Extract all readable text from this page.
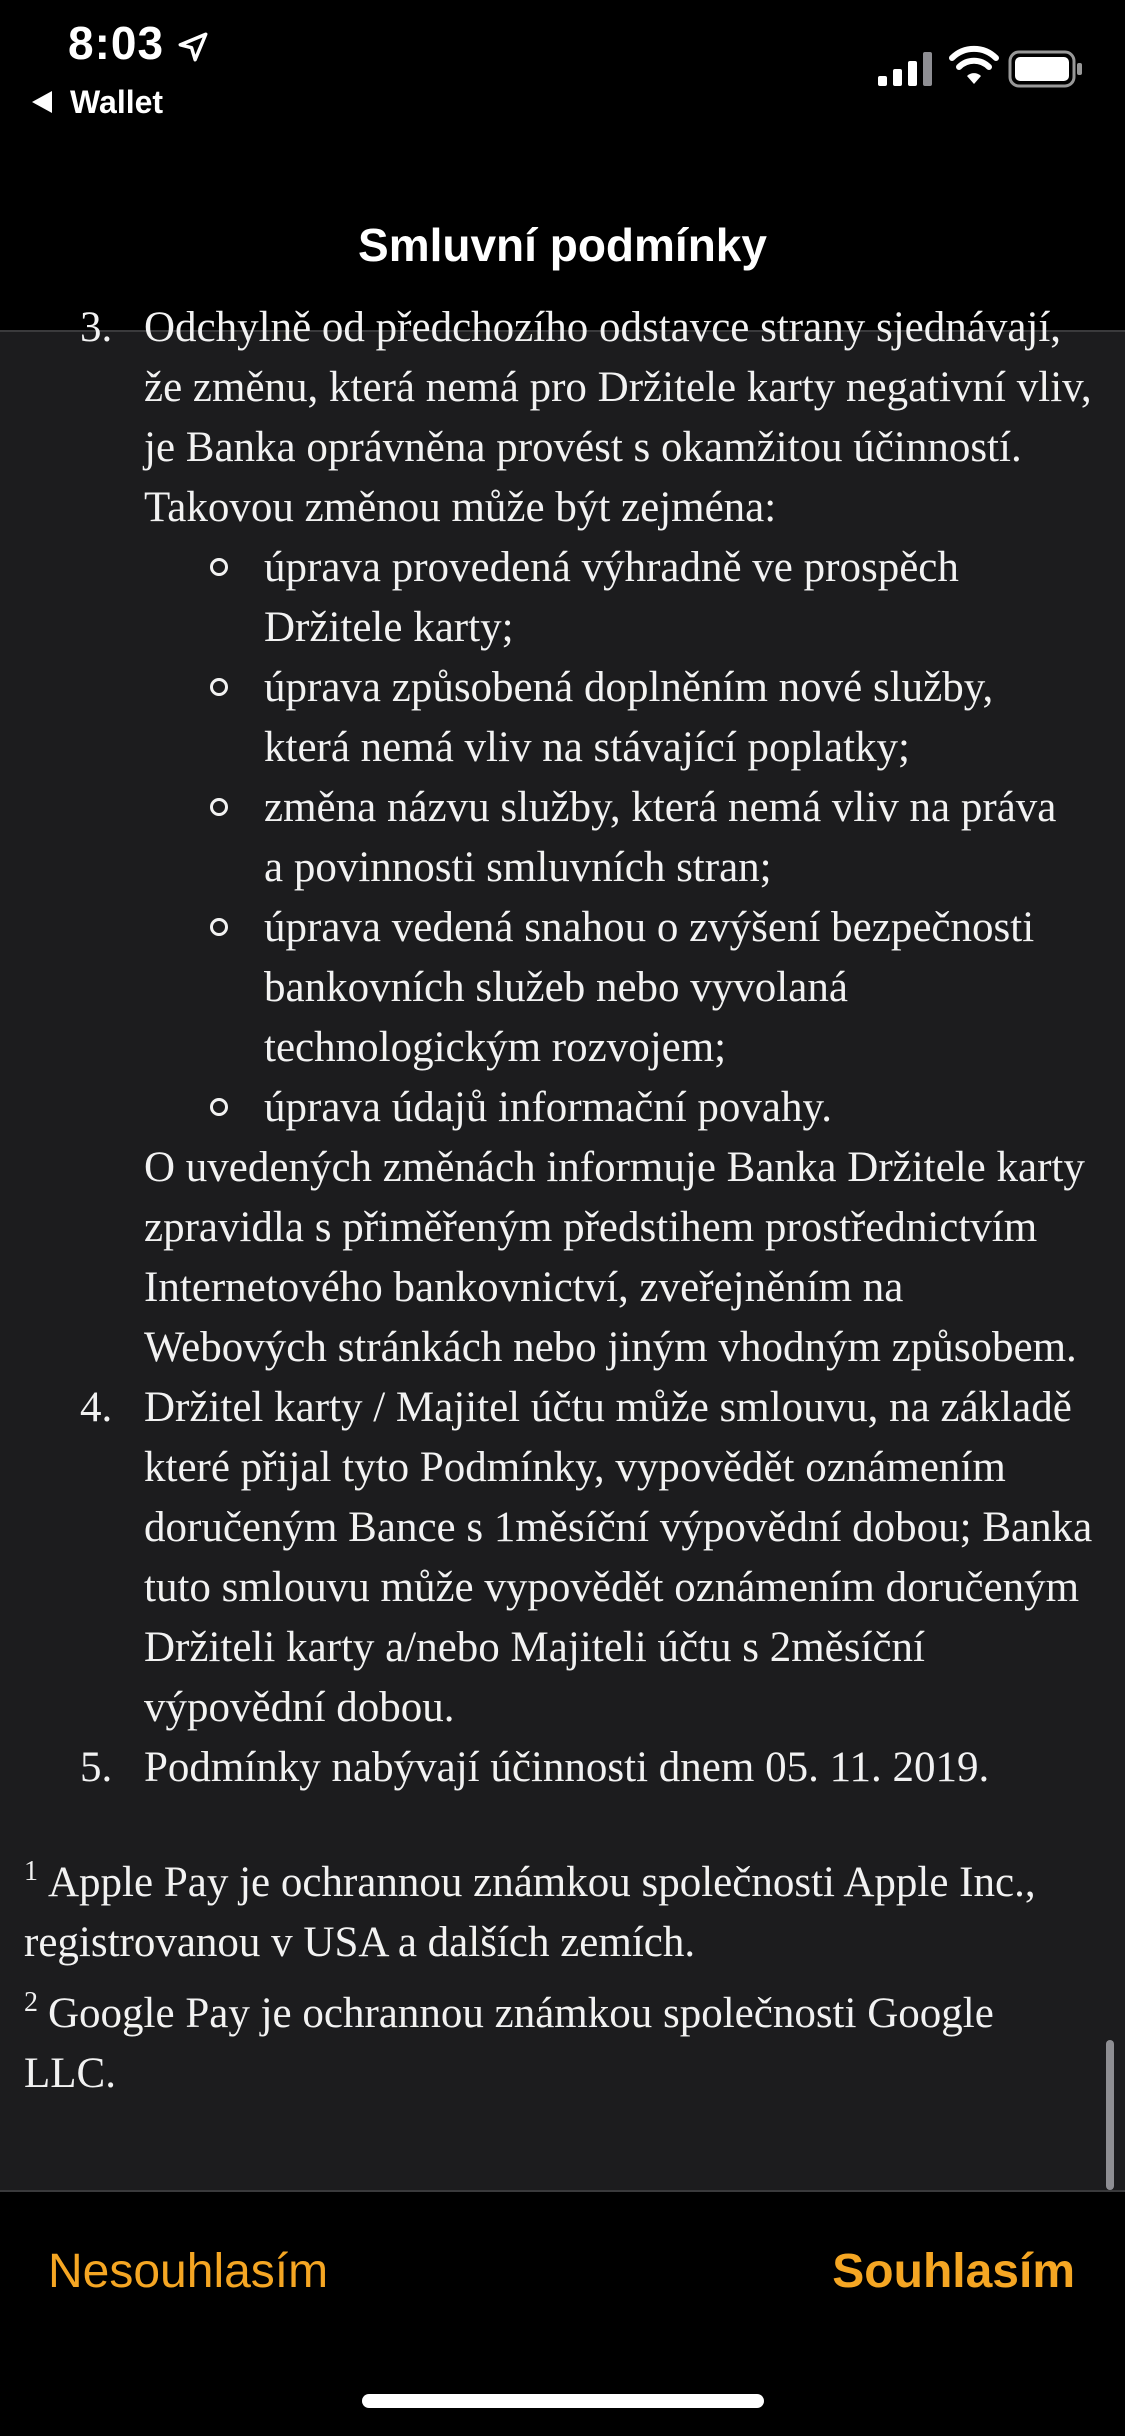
8:03
Wallet
Smluvní podmínky
3. Odchylně od předchozího odstavce strany sjednávají, že změnu, která nemá pro Držitele karty negativní vliv, je Banka oprávněna provést s okamžitou účinností. Takovou změnou může být zejména:
úprava provedená výhradně ve prospěch Držitele karty;
úprava způsobená doplněním nové služby, která nemá vliv na stávající poplatky;
změna názvu služby, která nemá vliv na práva a povinnosti smluvních stran;
úprava vedená snahou o zvýšení bezpečnosti bankovních služeb nebo vyvolaná technologickým rozvojem;
úprava údajů informační povahy.
O uvedených změnách informuje Banka Držitele karty zpravidla s přiměřeným předstihem prostřednictvím Internetového bankovnictví, zveřejněním na Webových stránkách nebo jiným vhodným způsobem.
4. Držitel karty / Majitel účtu může smlouvu, na základě které přijal tyto Podmínky, vypovědět oznámením doručeným Bance s 1měsíční výpovědní dobou; Banka tuto smlouvu může vypovědět oznámením doručeným Držiteli karty a/nebo Majiteli účtu s 2měsíční výpovědní dobou.
5. Podmínky nabývají účinnosti dnem 05. 11. 2019.
$^1$ Apple Pay je ochrannou známkou společnosti Apple Inc., registrovanou v USA a dalších zemích.
$^2$ Google Pay je ochrannou známkou společnosti Google LLC.
Nesouhlasím	Souhlasím
